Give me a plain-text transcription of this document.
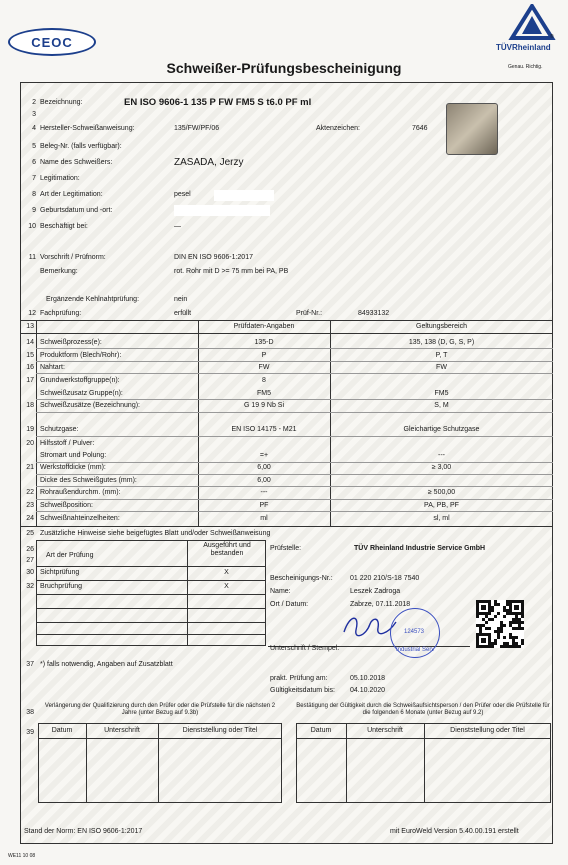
CEOC
Schweißer-Prüfungsbescheinigung
®
TÜVRheinland
Genau. Richtig.
2
3
4
5
6
7
8
9
10
11
12
Bezeichnung:	EN ISO 9606-1 135 P FW FM5 S t6.0 PF ml
Hersteller-Schweißanweisung:	135/FW/PF/06	Aktenzeichen:	7646
Beleg-Nr. (falls verfügbar):
Name des Schweißers:	ZASADA, Jerzy
Legitimation:
Art der Legitimation:	pesel
Geburtsdatum und -ort:
Beschäftigt bei:	—
Vorschrift / Prüfnorm:	DIN EN ISO 9606-1:2017
Bemerkung:	rot. Rohr mit D >= 75 mm bei PA, PB
Ergänzende Kehlnahtprüfung:	nein
Fachprüfung:	erfüllt	Prüf-Nr.:	84933132
13	Prüfdaten-Angaben	Geltungsbereich
14 Schweißprozess(e):	135-D	135, 138 (D, G, S, P)
15 Produktform (Blech/Rohr):	P	P, T
16 Nahtart:	FW	FW
17 Grundwerkstoffgruppe(n):	8
Schweißzusatz Gruppe(n):	FM5	FM5
18 Schweißzusätze (Bezeichnung):	G 19 9 Nb Si	S, M
19 Schutzgase:	EN ISO 14175 - M21	Gleichartige Schutzgase
20 Hilfsstoff / Pulver:
Stromart und Polung:	=+	---
21 Werkstoffdicke (mm):	6,00	≥ 3,00
Dicke des Schweißgutes (mm):	6,00
22 Rohraußendurchm. (mm):	---	≥ 500,00
23 Schweißposition:	PF	PA, PB, PF
24 Schweißnahteinzelheiten:	ml	sl, ml
25 Zusätzliche Hinweise siehe beigefügtes Blatt und/oder Schweißanweisung
26
27
Art der Prüfung
Ausgeführt und bestanden
30 Sichtprüfung	X
32 Bruchprüfung	X
Prüfstelle:	TÜV Rheinland Industrie Service GmbH
Bescheinigungs-Nr.: 01 220 210/S-18 7540
Name:	Leszek Zadroga
Ort / Datum:	Zabrze, 07.11.2018
Unterschrift / Stempel:
124573
Industrial Serv
37 *) falls notwendig, Angaben auf Zusatzblatt
prakt. Prüfung am:	05.10.2018
Gültigkeitsdatum bis: 04.10.2020
38
Verlängerung der Qualifizierung durch den Prüfer oder die Prüfstelle für die nächsten 2 Jahre (unter Bezug auf 9.3b)
Bestätigung der Gültigkeit durch die Schweißaufsichtsperson / den Prüfer oder die Prüfstelle für die folgenden 6 Monate (unter Bezug auf 9.2)
39	Datum	Unterschrift	Dienststellung oder Titel	Datum	Unterschrift	Dienststellung oder Titel
Stand der Norm: EN ISO 9606-1:2017	mit EuroWeld Version 5.40.00.191 erstellt
WE11 10 08
